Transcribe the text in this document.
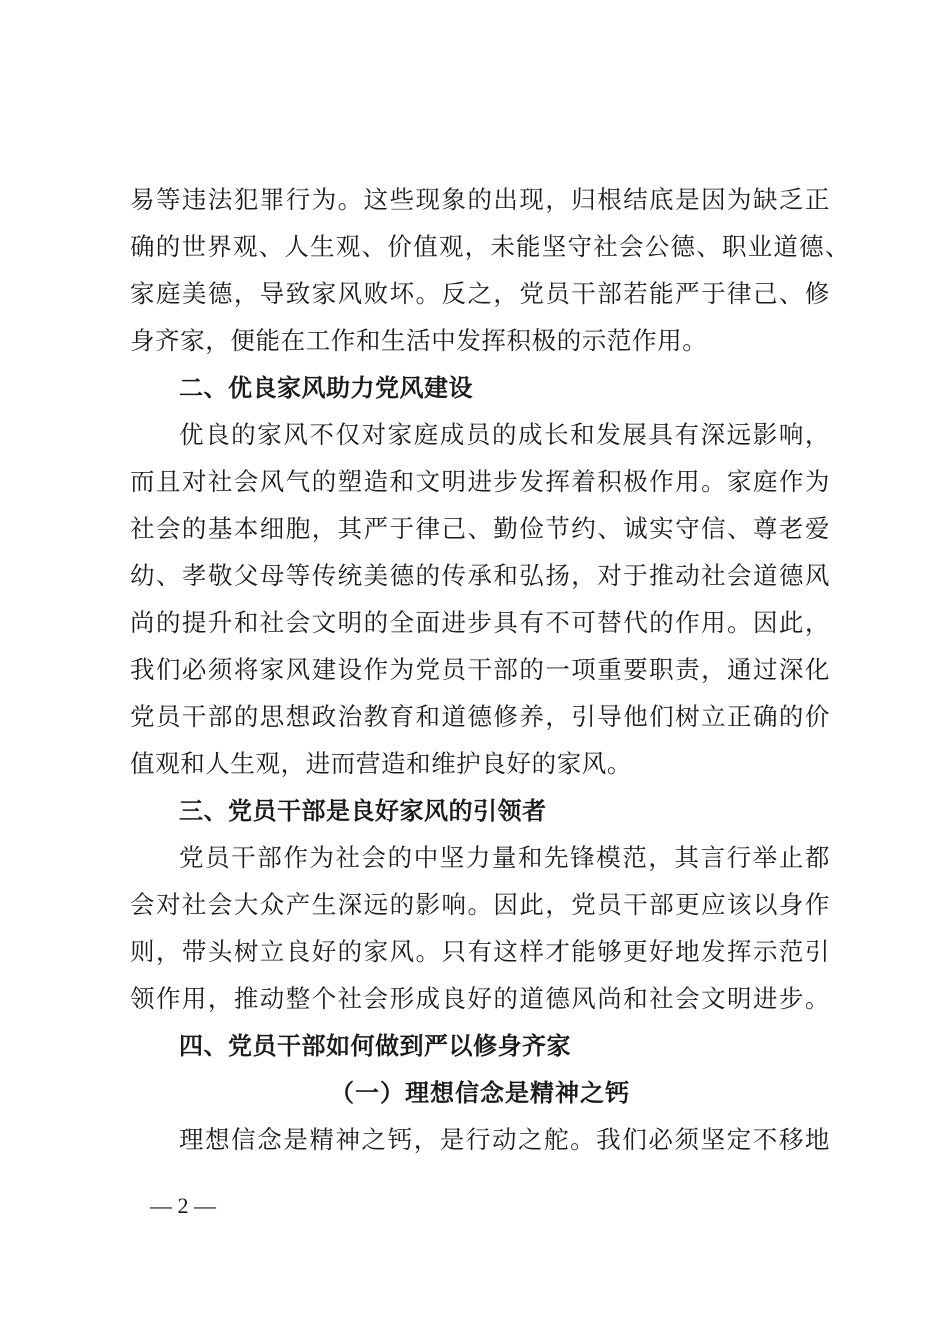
易等违法犯罪行为。这些现象的出现，归根结底是因为缺乏正
确的世界观、人生观、价值观，未能坚守社会公德、职业道德、
家庭美德，导致家风败坏。反之，党员干部若能严于律己、修
身齐家，便能在工作和生活中发挥积极的示范作用。
二、优良家风助力党风建设
优良的家风不仅对家庭成员的成长和发展具有深远影响，
而且对社会风气的塑造和文明进步发挥着积极作用。家庭作为
社会的基本细胞，其严于律己、勤俭节约、诚实守信、尊老爱
幼、孝敬父母等传统美德的传承和弘扬，对于推动社会道德风
尚的提升和社会文明的全面进步具有不可替代的作用。因此，
我们必须将家风建设作为党员干部的一项重要职责，通过深化
党员干部的思想政治教育和道德修养，引导他们树立正确的价
值观和人生观，进而营造和维护良好的家风。
三、党员干部是良好家风的引领者
党员干部作为社会的中坚力量和先锋模范，其言行举止都
会对社会大众产生深远的影响。因此，党员干部更应该以身作
则，带头树立良好的家风。只有这样才能够更好地发挥示范引
领作用，推动整个社会形成良好的道德风尚和社会文明进步。
四、党员干部如何做到严以修身齐家
（一）理想信念是精神之钙
理想信念是精神之钙，是行动之舵。我们必须坚定不移地
— 2 —
